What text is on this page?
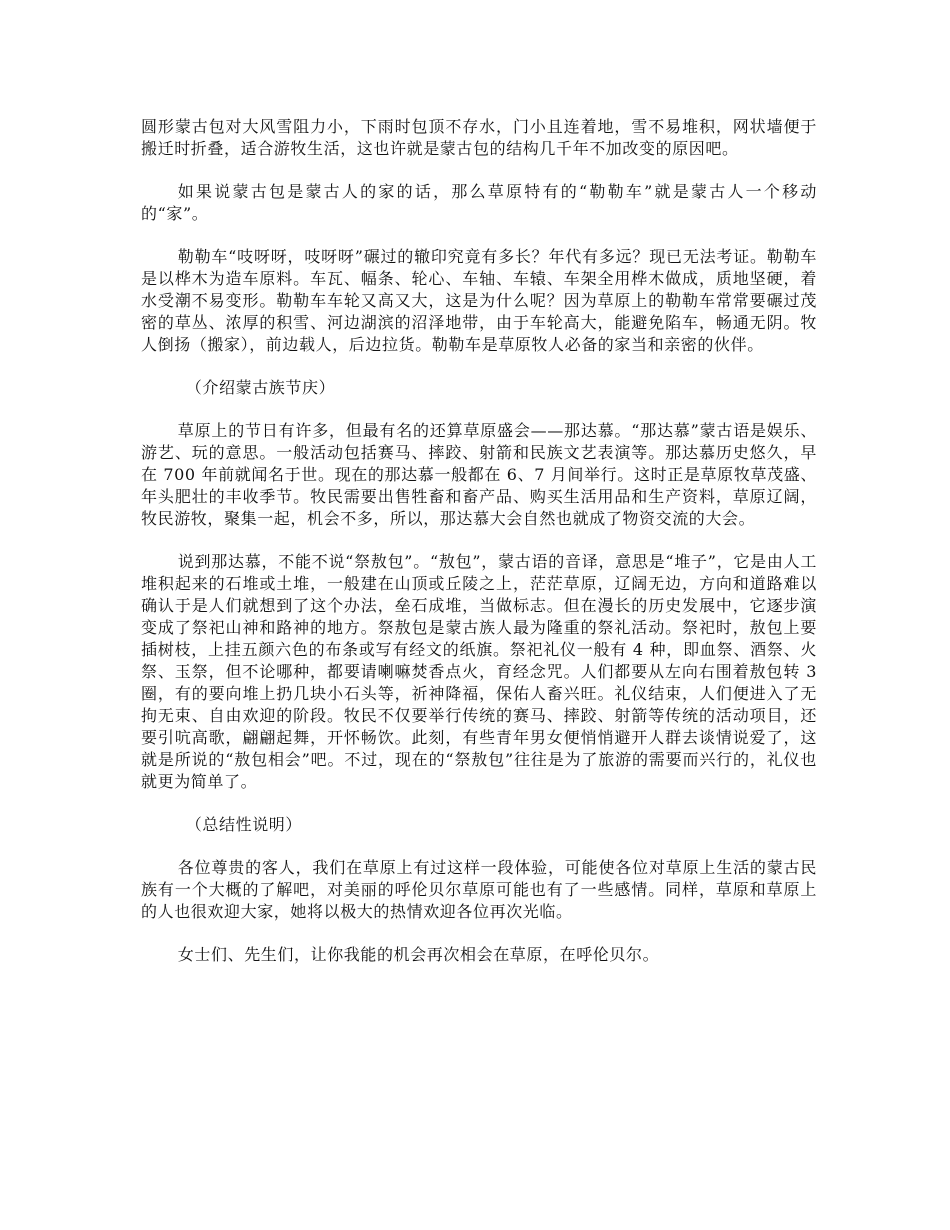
圆形蒙古包对大风雪阻力小，下雨时包顶不存水，门小且连着地，雪不易堆积，网状墙便于搬迁时折叠，适合游牧生活，这也许就是蒙古包的结构几千年不加改变的原因吧。

如果说蒙古包是蒙古人的家的话，那么草原特有的“勒勒车”就是蒙古人一个移动的“家”。

勒勒车“吱呀呀，吱呀呀”碾过的辙印究竟有多长？年代有多远？现已无法考证。勒勒车是以桦木为造车原料。车瓦、幅条、轮心、车轴、车辕、车架全用桦木做成，质地坚硬，着水受潮不易变形。勒勒车车轮又高又大，这是为什么呢？因为草原上的勒勒车常常要碾过茂密的草丛、浓厚的积雪、河边湖滨的沼泽地带，由于车轮高大，能避免陷车，畅通无阴。牧人倒扬（搬家），前边载人，后边拉货。勒勒车是草原牧人必备的家当和亲密的伙伴。

（介绍蒙古族节庆）

草原上的节日有许多，但最有名的还算草原盛会——那达慕。“那达慕”蒙古语是娱乐、游艺、玩的意思。一般活动包括赛马、摔跤、射箭和民族文艺表演等。那达慕历史悠久，早在 700 年前就闻名于世。现在的那达慕一般都在 6、7 月间举行。这时正是草原牧草茂盛、年头肥壮的丰收季节。牧民需要出售牲畜和畜产品、购买生活用品和生产资料，草原辽阔，牧民游牧，聚集一起，机会不多，所以，那达慕大会自然也就成了物资交流的大会。

说到那达慕，不能不说“祭敖包”。“敖包”，蒙古语的音译，意思是“堆子”，它是由人工堆积起来的石堆或土堆，一般建在山顶或丘陵之上，茫茫草原，辽阔无边，方向和道路难以确认于是人们就想到了这个办法，垒石成堆，当做标志。但在漫长的历史发展中，它逐步演变成了祭祀山神和路神的地方。祭敖包是蒙古族人最为隆重的祭礼活动。祭祀时，敖包上要插树枝，上挂五颜六色的布条或写有经文的纸旗。祭祀礼仪一般有 4 种，即血祭、酒祭、火祭、玉祭，但不论哪种，都要请喇嘛焚香点火，育经念咒。人们都要从左向右围着敖包转 3 圈，有的要向堆上扔几块小石头等，祈神降福，保佑人畜兴旺。礼仪结束，人们便进入了无拘无束、自由欢迎的阶段。牧民不仅要举行传统的赛马、摔跤、射箭等传统的活动项目，还要引吭高歌，翩翩起舞，开怀畅饮。此刻，有些青年男女便悄悄避开人群去谈情说爱了，这就是所说的“敖包相会”吧。不过，现在的“祭敖包”往往是为了旅游的需要而兴行的，礼仪也就更为简单了。

（总结性说明）

各位尊贵的客人，我们在草原上有过这样一段体验，可能使各位对草原上生活的蒙古民族有一个大概的了解吧，对美丽的呼伦贝尔草原可能也有了一些感情。同样，草原和草原上的人也很欢迎大家，她将以极大的热情欢迎各位再次光临。

女士们、先生们，让你我能的机会再次相会在草原，在呼伦贝尔。
